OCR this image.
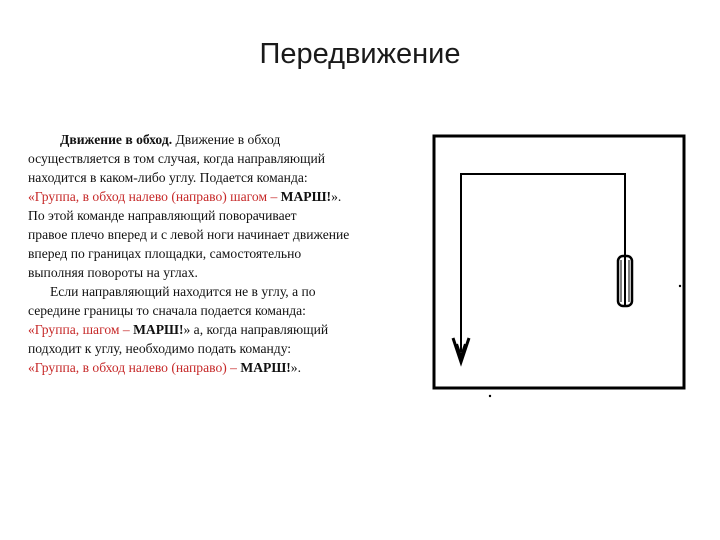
Передвижение

Движение в обход. Движение в обход

осуществляется в том случая, когда направляющий

находится в каком-либо углу. Подается команда:

«Группа, в обход налево (направо) шагом – МАРШ!».

По этой команде направляющий поворачивает

правое плечо вперед и с левой ноги начинает движение

вперед по границах площадки, самостоятельно

выполняя повороты на углах.

Если направляющий находится не в углу, а по

середине границы то сначала подается команда:

«Группа, шагом – МАРШ!» а, когда направляющий

подходит к углу, необходимо подать команду:

«Группа, в обход налево (направо) – МАРШ!».
